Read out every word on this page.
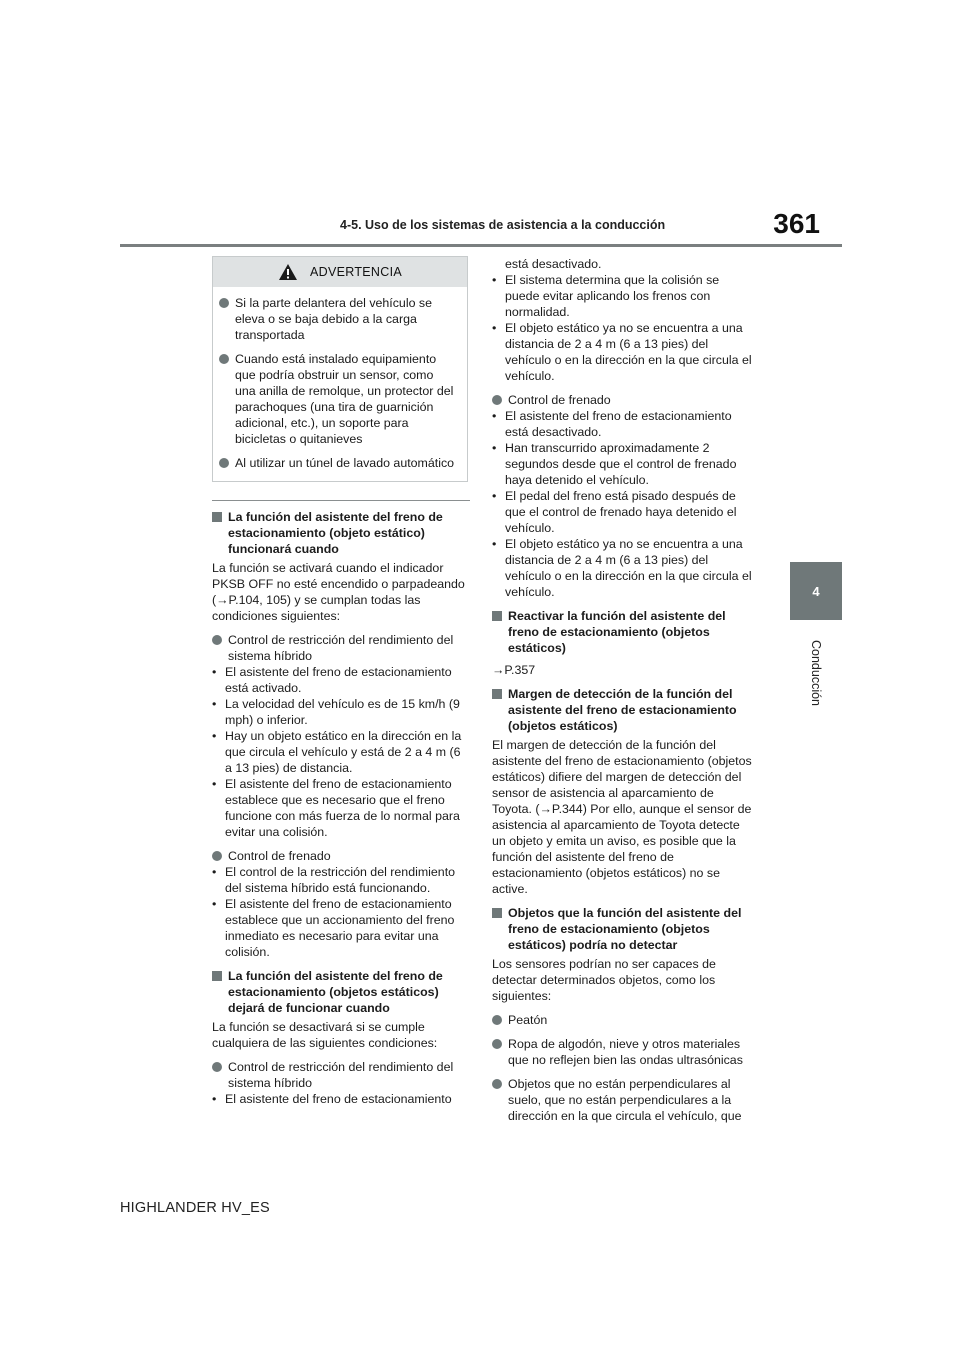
4-5. Uso de los sistemas de asistencia a la conducción	361
4
Conducción
ADVERTENCIA
Si la parte delantera del vehículo se eleva o se baja debido a la carga transportada
Cuando está instalado equipamiento que podría obstruir un sensor, como una anilla de remolque, un protector del parachoques (una tira de guarnición adicional, etc.), un soporte para bicicletas o quitanieves
Al utilizar un túnel de lavado automático
La función del asistente del freno de estacionamiento (objeto estático) funcionará cuando
La función se activará cuando el indicador PKSB OFF no esté encendido o parpadeando (→P.104, 105) y se cumplan todas las condiciones siguientes:
Control de restricción del rendimiento del sistema híbrido
• El asistente del freno de estacionamiento está activado.
• La velocidad del vehículo es de 15 km/h (9 mph) o inferior.
• Hay un objeto estático en la dirección en la que circula el vehículo y está de 2 a 4 m (6 a 13 pies) de distancia.
• El asistente del freno de estacionamiento establece que es necesario que el freno funcione con más fuerza de lo normal para evitar una colisión.
Control de frenado
• El control de la restricción del rendimiento del sistema híbrido está funcionando.
• El asistente del freno de estacionamiento establece que un accionamiento del freno inmediato es necesario para evitar una colisión.
La función del asistente del freno de estacionamiento (objetos estáticos) dejará de funcionar cuando
La función se desactivará si se cumple cualquiera de las siguientes condiciones:
Control de restricción del rendimiento del sistema híbrido
• El asistente del freno de estacionamiento
está desactivado.
• El sistema determina que la colisión se puede evitar aplicando los frenos con normalidad.
• El objeto estático ya no se encuentra a una distancia de 2 a 4 m (6 a 13 pies) del vehículo o en la dirección en la que circula el vehículo.
Control de frenado
• El asistente del freno de estacionamiento está desactivado.
• Han transcurrido aproximadamente 2 segundos desde que el control de frenado haya detenido el vehículo.
• El pedal del freno está pisado después de que el control de frenado haya detenido el vehículo.
• El objeto estático ya no se encuentra a una distancia de 2 a 4 m (6 a 13 pies) del vehículo o en la dirección en la que circula el vehículo.
Reactivar la función del asistente del freno de estacionamiento (objetos estáticos)
→P.357
Margen de detección de la función del asistente del freno de estacionamiento (objetos estáticos)
El margen de detección de la función del asistente del freno de estacionamiento (objetos estáticos) difiere del margen de detección del sensor de asistencia al aparcamiento de Toyota. (→P.344) Por ello, aunque el sensor de asistencia al aparcamiento de Toyota detecte un objeto y emita un aviso, es posible que la función del asistente del freno de estacionamiento (objetos estáticos) no se active.
Objetos que la función del asistente del freno de estacionamiento (objetos estáticos) podría no detectar
Los sensores podrían no ser capaces de detectar determinados objetos, como los siguientes:
Peatón
Ropa de algodón, nieve y otros materiales que no reflejen bien las ondas ultrasónicas
Objetos que no están perpendiculares al suelo, que no están perpendiculares a la dirección en la que circula el vehículo, que
HIGHLANDER HV_ES
